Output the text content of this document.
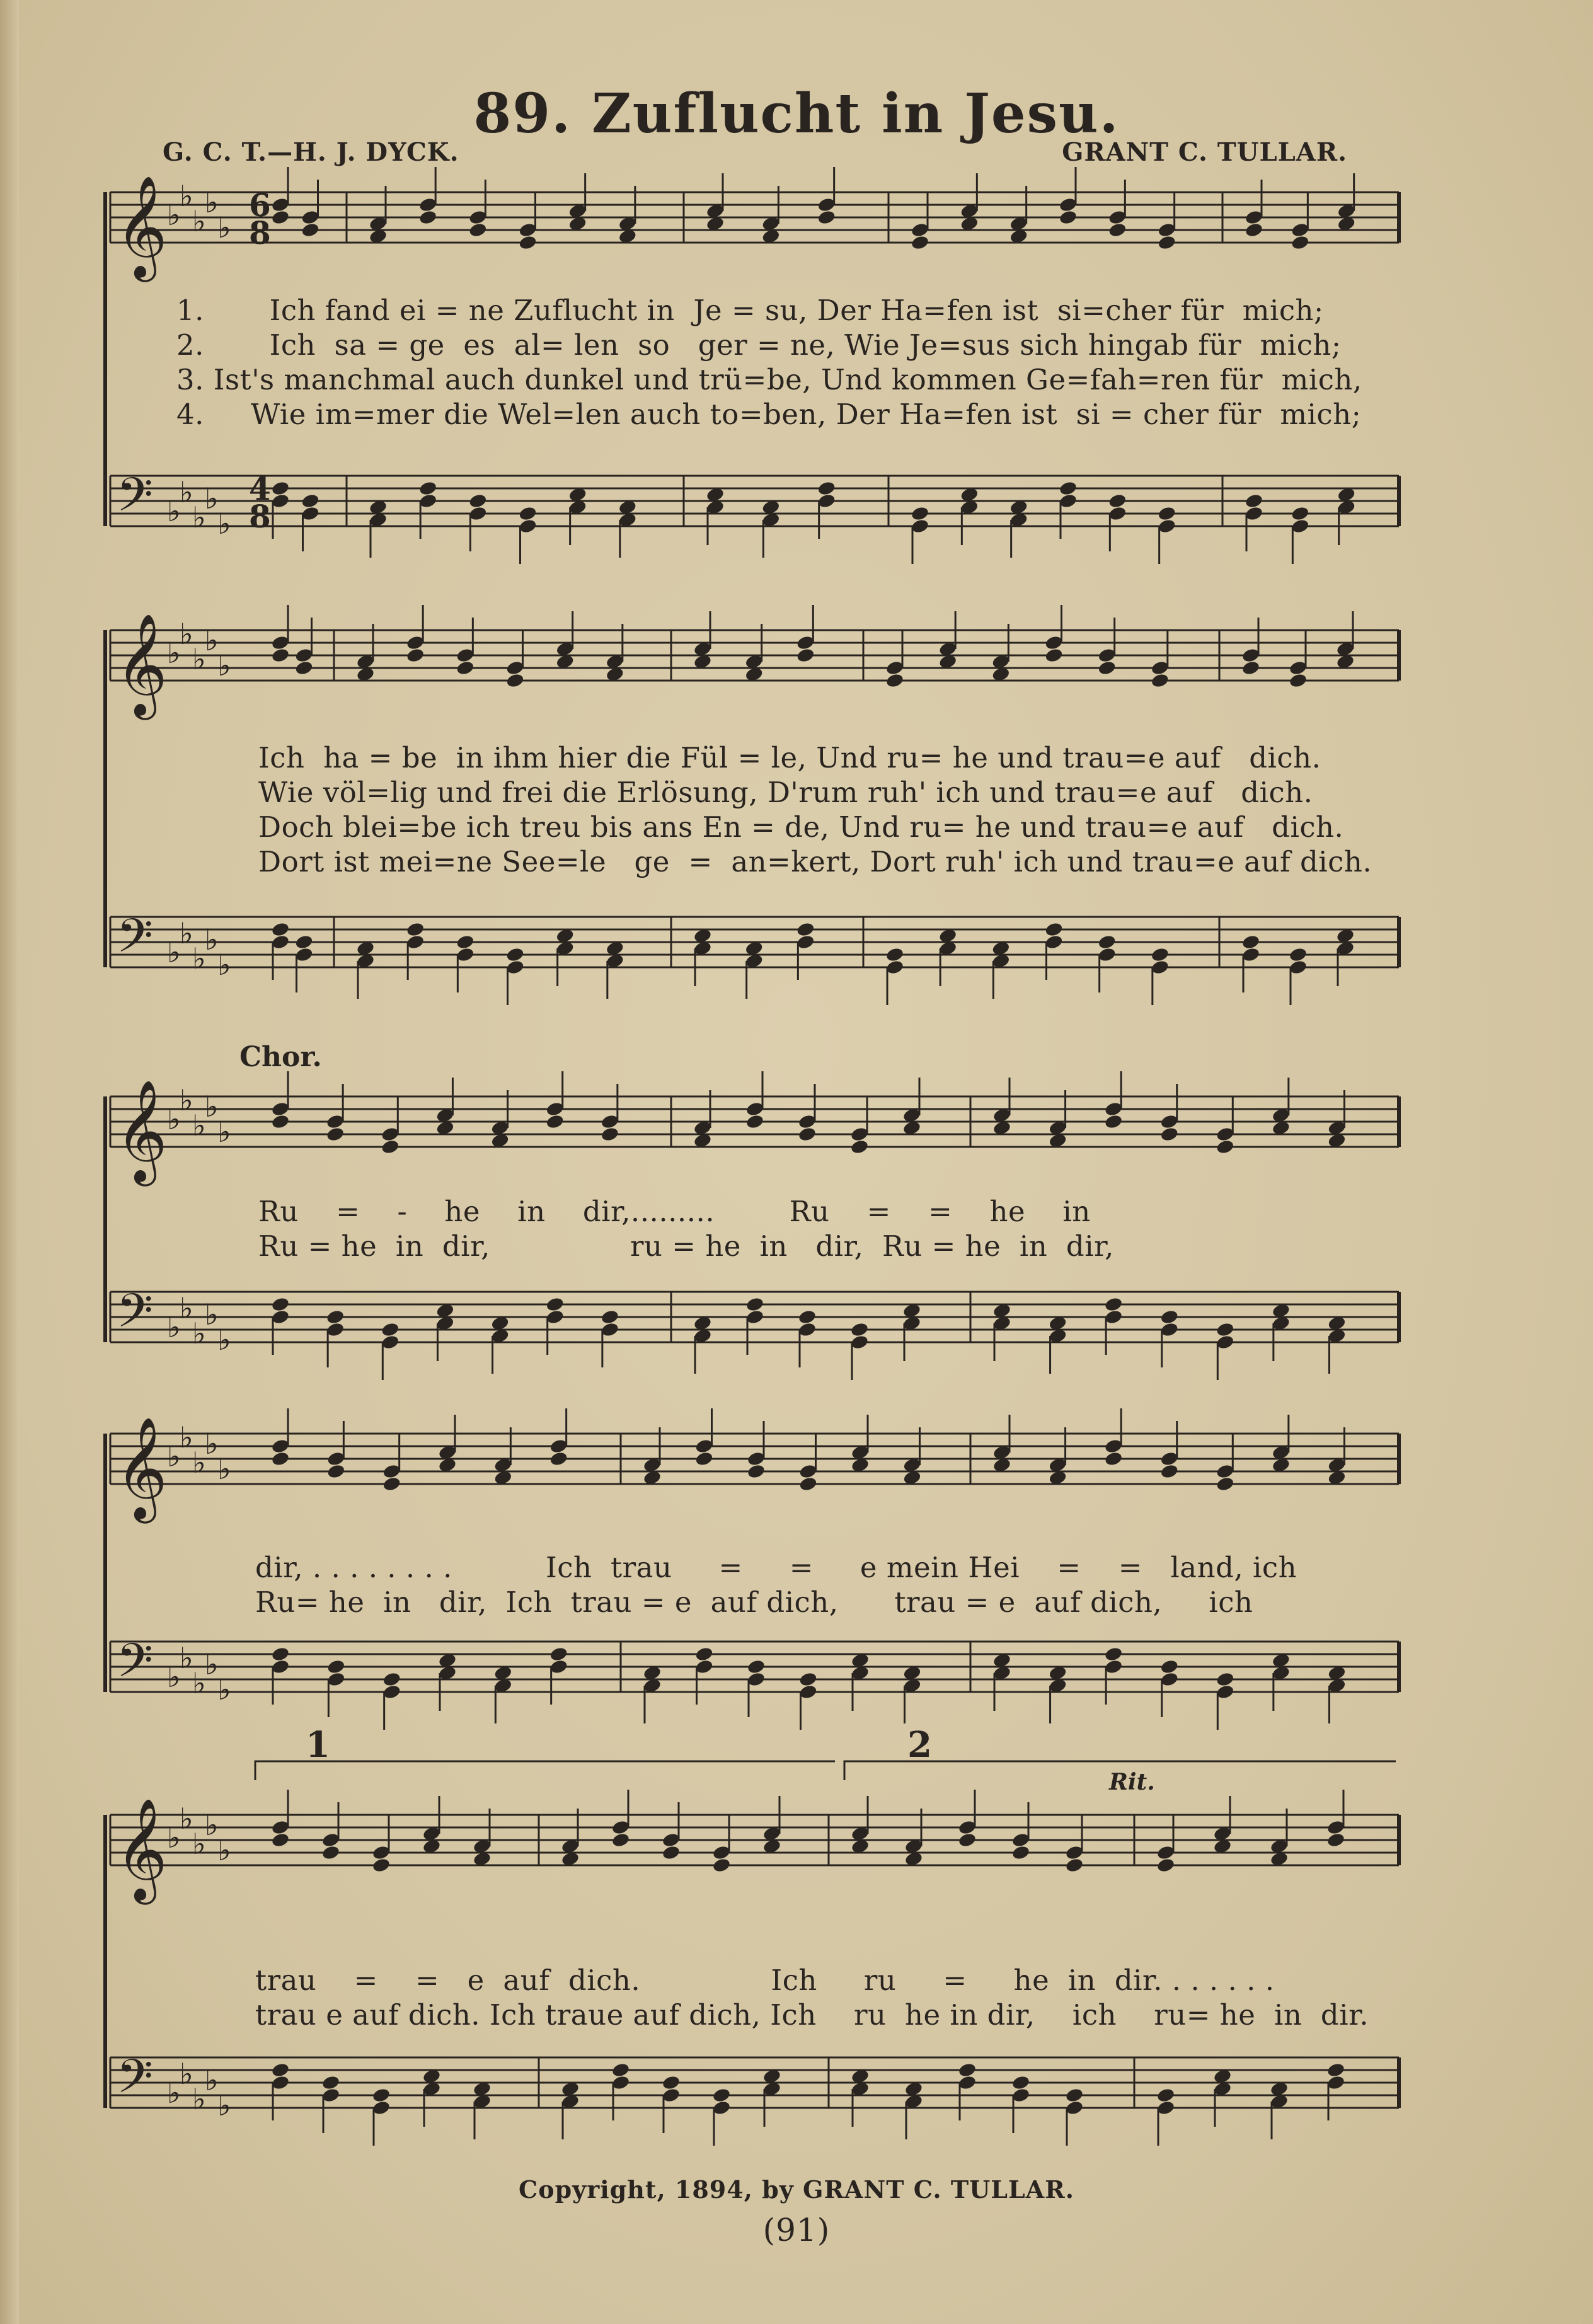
89. Zuflucht in Jesu.
G. C. T.—H. J. DYCK.	GRANT C. TULLAR.
𝄞
𝄢
♭
♭
♭
♭
♭
♭
♭
♭
♭
♭
𝄞
𝄢
♭
♭
♭
♭
♭
♭
♭
♭
♭
♭
𝄞
𝄢
♭
♭
♭
♭
♭
♭
♭
♭
♭
♭
𝄞
𝄢
♭
♭
♭
♭
♭
♭
♭
♭
♭
♭
𝄞
𝄢
♭
♭
♭
♭
♭
♭
♭
♭
♭
♭
6
8
4
8
1	2
Rit.
1.       Ich fand ei = ne Zuflucht in  Je = su, Der Ha=fen ist  si=cher für  mich;
2.       Ich  sa = ge  es  al= len  so   ger = ne, Wie Je=sus sich hingab für  mich;
3. Ist's manchmal auch dunkel und trü=be, Und kommen Ge=fah=ren für  mich,
4.     Wie im=mer die Wel=len auch to=ben, Der Ha=fen ist  si = cher für  mich;
Ich  ha = be  in ihm hier die Fül = le, Und ru= he und trau=e auf   dich.
Wie völ=lig und frei die Erlösung, D'rum ruh' ich und trau=e auf   dich.
Doch blei=be ich treu bis ans En = de, Und ru= he und trau=e auf   dich.
Dort ist mei=ne See=le   ge  =  an=kert, Dort ruh' ich und trau=e auf dich.
Chor.
Ru    =    -    he    in    dir,.........        Ru    =    =    he    in
Ru = he  in  dir,               ru = he  in   dir,  Ru = he  in  dir,
dir, . . . . . . . .          Ich  trau     =     =     e mein Hei    =    =   land, ich
Ru= he  in   dir,  Ich  trau = e  auf dich,      trau = e  auf dich,     ich
trau    =    =   e  auf  dich.              Ich     ru     =     he  in  dir. . . . . . .
trau e auf dich. Ich traue auf dich, Ich    ru  he in dir,    ich    ru= he  in  dir.
Copyright, 1894, by GRANT C. TULLAR.
(91)
